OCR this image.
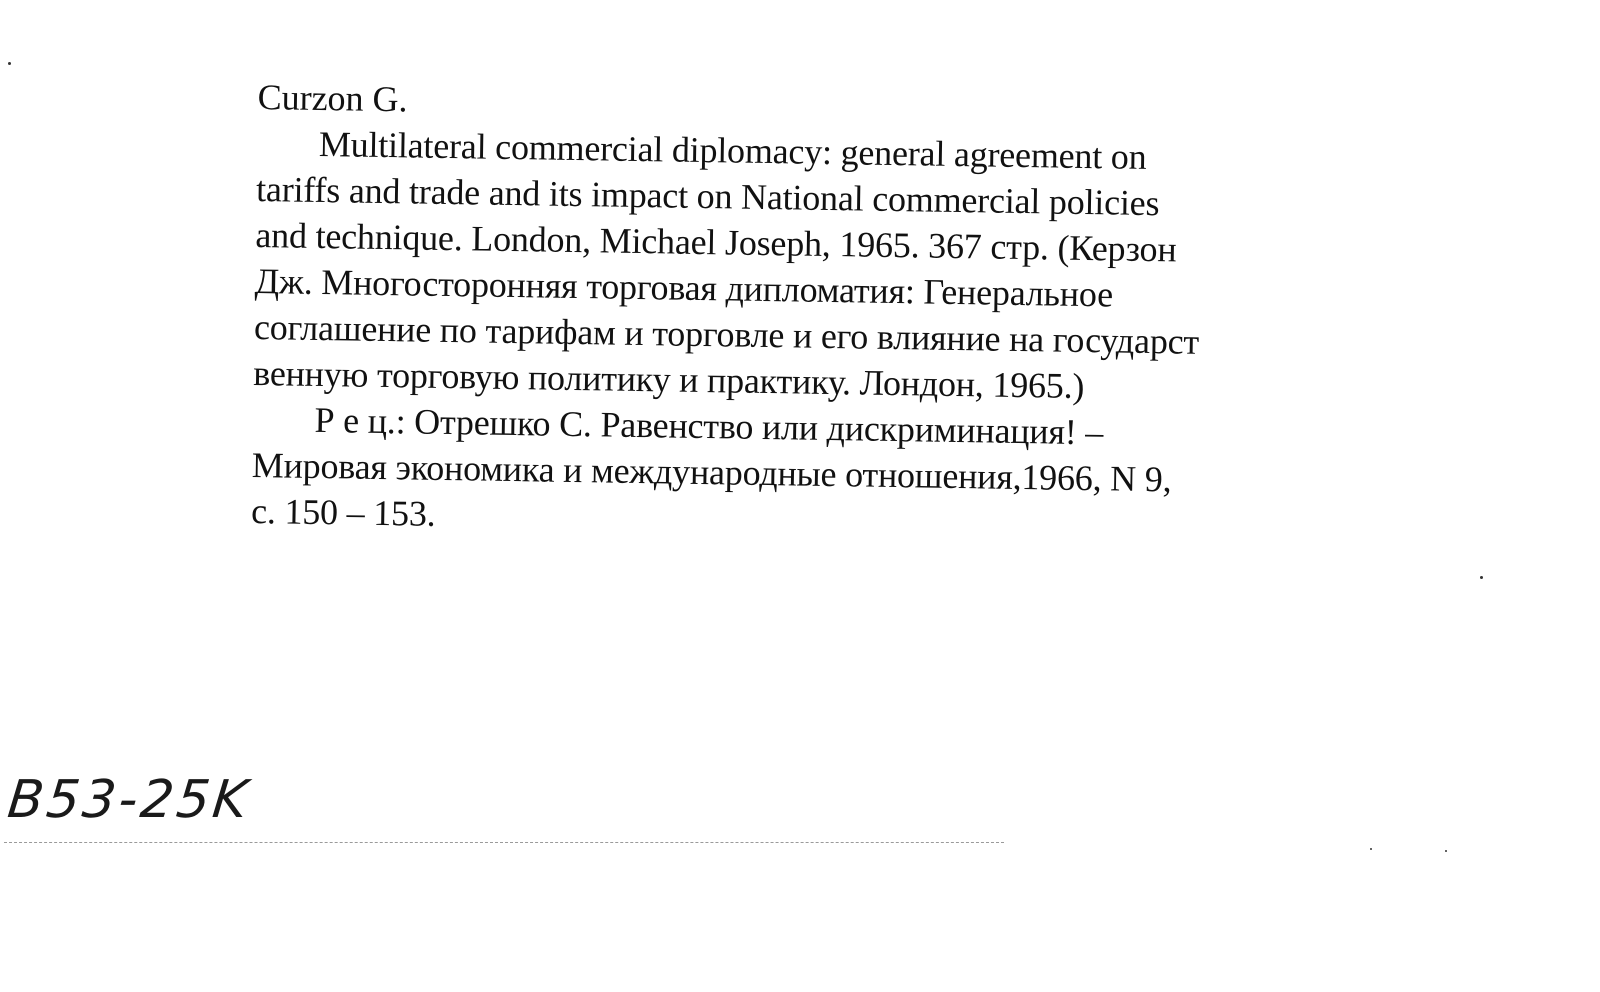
Curzon G.

Multilateral commercial diplomacy: general agreement on
tariffs and trade and its impact on National commercial policies
and technique. London, Michael Joseph, 1965. 367 стр. (Керзон
Дж. Многосторонняя торговая дипломатия: Генеральное
соглашение по тарифам и торговле и его влияние на государст
венную торговую политику и практику. Лондон, 1965.)

Р е ц.: Отрешко С. Равенство или дискриминация! –
Мировая экономика и международные отношения,1966, N 9,
с. 150 – 153.

B53-25K
